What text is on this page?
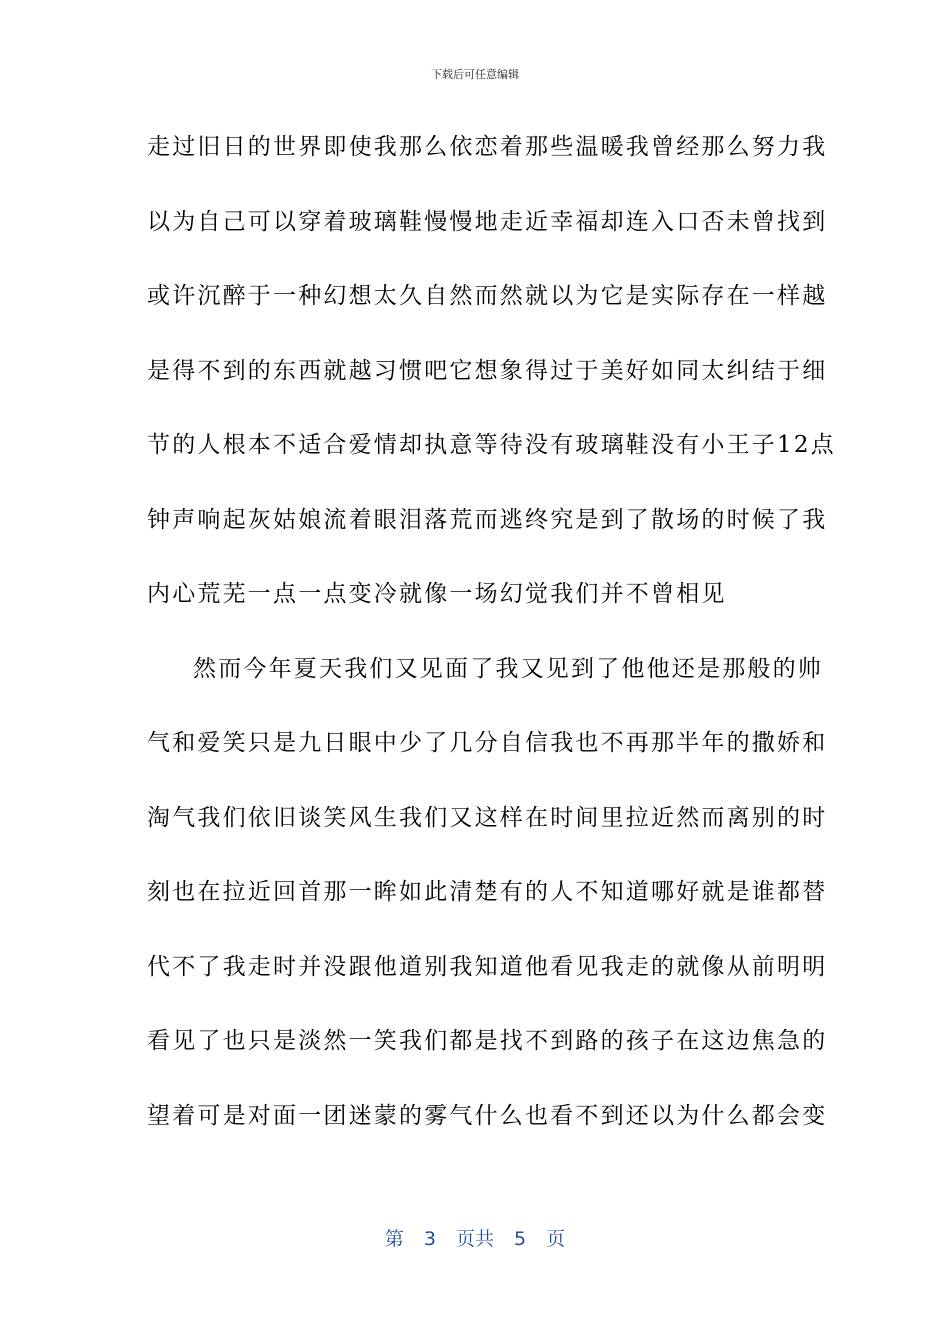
下载后可任意编辑
走过旧日的世界即使我那么依恋着那些温暖我曾经那么努力我
以为自己可以穿着玻璃鞋慢慢地走近幸福却连入口否未曾找到
或许沉醉于一种幻想太久自然而然就以为它是实际存在一样越
是得不到的东西就越习惯吧它想象得过于美好如同太纠结于细
节的人根本不适合爱情却执意等待没有玻璃鞋没有小王子12点
钟声响起灰姑娘流着眼泪落荒而逃终究是到了散场的时候了我
内心荒芜一点一点变冷就像一场幻觉我们并不曾相见
然而今年夏天我们又见面了我又见到了他他还是那般的帅
气和爱笑只是九日眼中少了几分自信我也不再那半年的撒娇和
淘气我们依旧谈笑风生我们又这样在时间里拉近然而离别的时
刻也在拉近回首那一眸如此清楚有的人不知道哪好就是谁都替
代不了我走时并没跟他道别我知道他看见我走的就像从前明明
看见了也只是淡然一笑我们都是找不到路的孩子在这边焦急的
望着可是对面一团迷蒙的雾气什么也看不到还以为什么都会变
第 3 页共 5 页
